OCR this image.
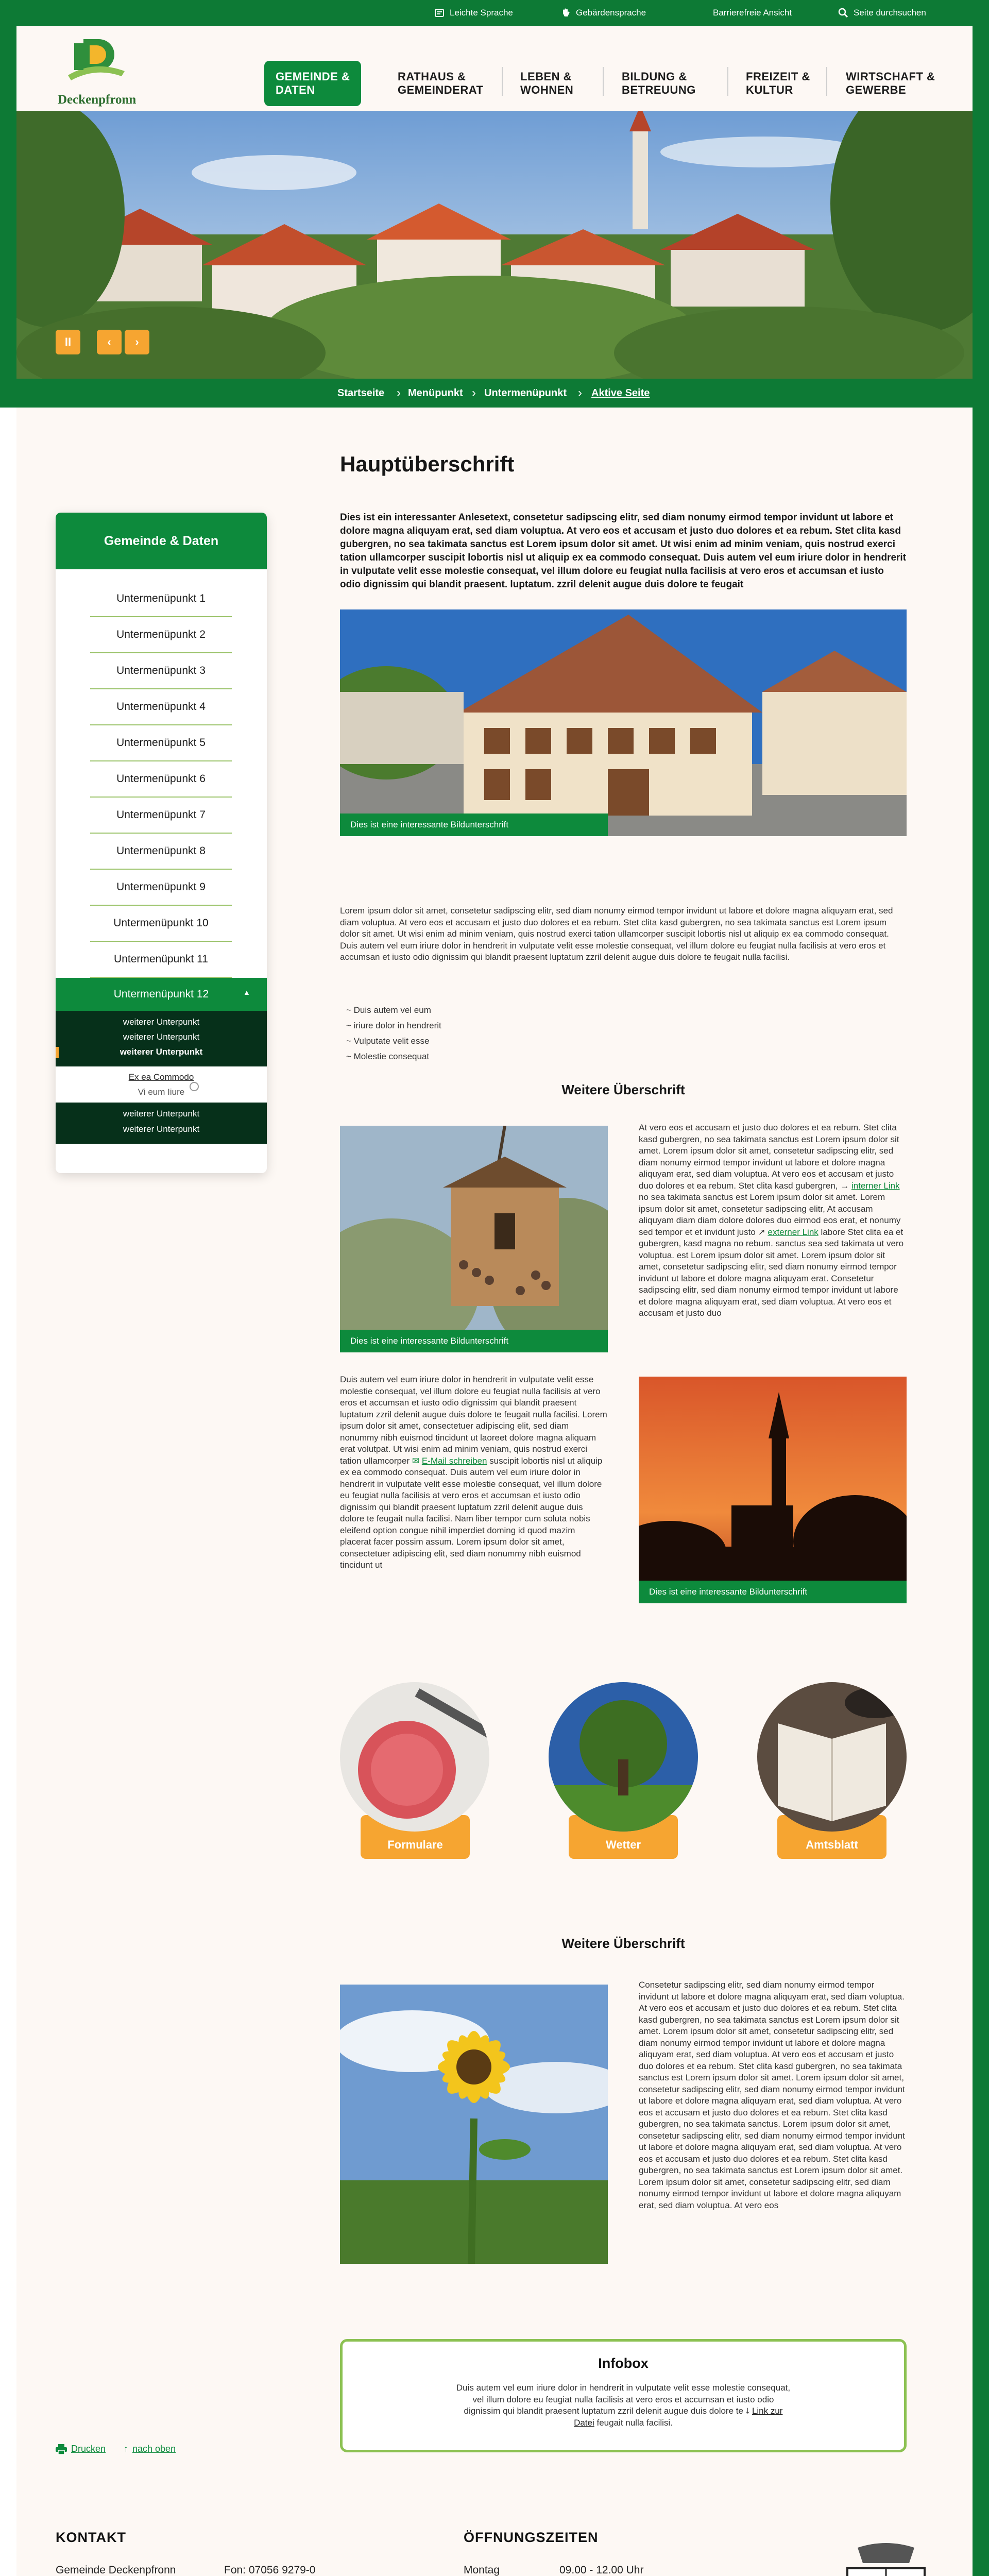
Leichte Sprache	Gebärdensprache	Barrierefreie Ansicht	Seite durchsuchen
Deckenpfronn
GEMEINDE &
DATEN
RATHAUS &
GEMEINDERAT
LEBEN &
WOHNEN
BILDUNG &
BETREUUNG
FREIZEIT &
KULTUR
WIRTSCHAFT &
GEWERBE
II	‹ ›
Startseite › Menüpunkt › Untermenüpunkt › Aktive Seite
Gemeinde & Daten
Untermenüpunkt 1
Untermenüpunkt 2
Untermenüpunkt 3
Untermenüpunkt 4
Untermenüpunkt 5
Untermenüpunkt 6
Untermenüpunkt 7
Untermenüpunkt 8
Untermenüpunkt 9
Untermenüpunkt 10
Untermenüpunkt 11
Untermenüpunkt 12	▲
weiterer Unterpunkt
weiterer Unterpunkt
weiterer Unterpunkt
Ex ea Commodo
Vi eum Iiure
weiterer Unterpunkt
weiterer Unterpunkt
Hauptüberschrift
Dies ist ein interessanter Anlesetext, consetetur sadipscing elitr, sed diam nonumy eirmod tempor invidunt ut labore et dolore magna aliquyam erat, sed diam voluptua. At vero eos et accusam et justo duo dolores et ea rebum. Stet clita kasd gubergren, no sea takimata sanctus est Lorem ipsum dolor sit amet. Ut wisi enim ad minim veniam, quis nostrud exerci tation ullamcorper suscipit lobortis nisl ut aliquip ex ea commodo consequat. Duis autem vel eum iriure dolor in hendrerit in vulputate velit esse molestie consequat, vel illum dolore eu feugiat nulla facilisis at vero eros et accumsan et iusto odio dignissim qui blandit praesent. luptatum. zzril delenit augue duis dolore te feugait
Dies ist eine interessante Bildunterschrift
Lorem ipsum dolor sit amet, consetetur sadipscing elitr, sed diam nonumy eirmod tempor invidunt ut labore et dolore magna aliquyam erat, sed diam voluptua. At vero eos et accusam et justo duo dolores et ea rebum. Stet clita kasd gubergren, no sea takimata sanctus est Lorem ipsum dolor sit amet. Ut wisi enim ad minim veniam, quis nostrud exerci tation ullamcorper suscipit lobortis nisl ut aliquip ex ea commodo consequat. Duis autem vel eum iriure dolor in hendrerit in vulputate velit esse molestie consequat, vel illum dolore eu feugiat nulla facilisis at vero eros et accumsan et iusto odio dignissim qui blandit praesent luptatum zzril delenit augue duis dolore te feugait nulla facilisi.
~ Duis autem vel eum
~ iriure dolor in hendrerit
~ Vulputate velit esse
~ Molestie consequat
Weitere Überschrift
Dies ist eine interessante Bildunterschrift
At vero eos et accusam et justo duo dolores et ea rebum. Stet clita kasd gubergren, no sea takimata sanctus est Lorem ipsum dolor sit amet. Lorem ipsum dolor sit amet, consetetur sadipscing elitr, sed diam nonumy eirmod tempor invidunt ut labore et dolore magna aliquyam erat, sed diam voluptua. At vero eos et accusam et justo duo dolores et ea rebum. Stet clita kasd gubergren, → interner Link no sea takimata sanctus est Lorem ipsum dolor sit amet. Lorem ipsum dolor sit amet, consetetur sadipscing elitr, At accusam aliquyam diam diam dolore dolores duo eirmod eos erat, et nonumy sed tempor et et invidunt justo ↗ externer Link labore Stet clita ea et gubergren, kasd magna no rebum. sanctus sea sed takimata ut vero voluptua. est Lorem ipsum dolor sit amet. Lorem ipsum dolor sit amet, consetetur sadipscing elitr, sed diam nonumy eirmod tempor invidunt ut labore et dolore magna aliquyam erat. Consetetur sadipscing elitr, sed diam nonumy eirmod tempor invidunt ut labore et dolore magna aliquyam erat, sed diam voluptua. At vero eos et accusam et justo duo
Duis autem vel eum iriure dolor in hendrerit in vulputate velit esse molestie consequat, vel illum dolore eu feugiat nulla facilisis at vero eros et accumsan et iusto odio dignissim qui blandit praesent luptatum zzril delenit augue duis dolore te feugait nulla facilisi. Lorem ipsum dolor sit amet, consectetuer adipiscing elit, sed diam nonummy nibh euismod tincidunt ut laoreet dolore magna aliquam erat volutpat. Ut wisi enim ad minim veniam, quis nostrud exerci tation ullamcorper ✉ E-Mail schreiben suscipit lobortis nisl ut aliquip ex ea commodo consequat. Duis autem vel eum iriure dolor in hendrerit in vulputate velit esse molestie consequat, vel illum dolore eu feugiat nulla facilisis at vero eros et accumsan et iusto odio dignissim qui blandit praesent luptatum zzril delenit augue duis dolore te feugait nulla facilisi. Nam liber tempor cum soluta nobis eleifend option congue nihil imperdiet doming id quod mazim placerat facer possim assum. Lorem ipsum dolor sit amet, consectetuer adipiscing elit, sed diam nonummy nibh euismod tincidunt ut
Dies ist eine interessante Bildunterschrift
Formulare	Wetter	Amtsblatt
Weitere Überschrift
Consetetur sadipscing elitr, sed diam nonumy eirmod tempor invidunt ut labore et dolore magna aliquyam erat, sed diam voluptua. At vero eos et accusam et justo duo dolores et ea rebum. Stet clita kasd gubergren, no sea takimata sanctus est Lorem ipsum dolor sit amet. Lorem ipsum dolor sit amet, consetetur sadipscing elitr, sed diam nonumy eirmod tempor invidunt ut labore et dolore magna aliquyam erat, sed diam voluptua. At vero eos et accusam et justo duo dolores et ea rebum. Stet clita kasd gubergren, no sea takimata sanctus est Lorem ipsum dolor sit amet. Lorem ipsum dolor sit amet, consetetur sadipscing elitr, sed diam nonumy eirmod tempor invidunt ut labore et dolore magna aliquyam erat, sed diam voluptua. At vero eos et accusam et justo duo dolores et ea rebum. Stet clita kasd gubergren, no sea takimata sanctus. Lorem ipsum dolor sit amet, consetetur sadipscing elitr, sed diam nonumy eirmod tempor invidunt ut labore et dolore magna aliquyam erat, sed diam voluptua. At vero eos et accusam et justo duo dolores et ea rebum. Stet clita kasd gubergren, no sea takimata sanctus est Lorem ipsum dolor sit amet. Lorem ipsum dolor sit amet, consetetur sadipscing elitr, sed diam nonumy eirmod tempor invidunt ut labore et dolore magna aliquyam erat, sed diam voluptua. At vero eos
Infobox
Duis autem vel eum iriure dolor in hendrerit in vulputate velit esse molestie consequat, vel illum dolore eu feugiat nulla facilisis at vero eros et accumsan et iusto odio dignissim qui blandit praesent luptatum zzril delenit augue duis dolore te ⤓ Link zur Datei feugait nulla facilisi.
Drucken ↑ nach oben
KONTAKT
Gemeinde Deckenpfronn	Fon: 07056 9279-0
ÖFFNUNGSZEITEN
Montag	09.00 - 12.00 Uhr
